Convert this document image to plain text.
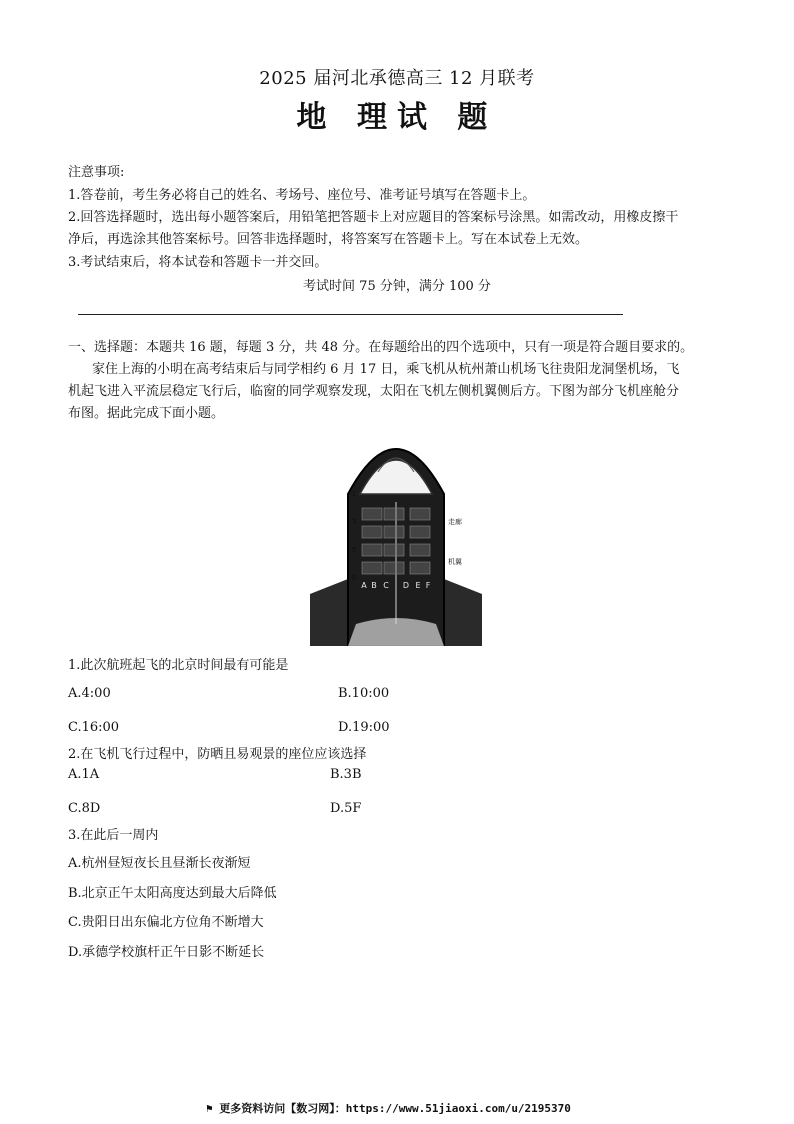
2025 届河北承德高三 12 月联考
地 理试 题
注意事项:
1.答卷前，考生务必将自己的姓名、考场号、座位号、准考证号填写在答题卡上。
2.回答选择题时，选出每小题答案后，用铅笔把答题卡上对应题目的答案标号涂黑。如需改动，用橡皮擦干
净后，再选涂其他答案标号。回答非选择题时，将答案写在答题卡上。写在本试卷上无效。
3.考试结束后，将本试卷和答题卡一并交回。
考试时间 75 分钟，满分 100 分
一、选择题：本题共 16 题，每题 3 分，共 48 分。在每题给出的四个选项中，只有一项是符合题目要求的。
家住上海的小明在高考结束后与同学相约 6 月 17 日，乘飞机从杭州萧山机场飞往贵阳龙洞堡机场，飞
机起飞进入平流层稳定飞行后，临窗的同学观察发现，太阳在飞机左侧机翼侧后方。下图为部分飞机座舱分
布图。据此完成下面小题。
A B C D E F
1
3
5
8
走廊
机翼
1.此次航班起飞的北京时间最有可能是
A.4:00	B.10:00
C.16:00	D.19:00
2.在飞机飞行过程中，防晒且易观景的座位应该选择
A.1A	B.3B
C.8D	D.5F
3.在此后一周内
A.杭州昼短夜长且昼渐长夜渐短
B.北京正午太阳高度达到最大后降低
C.贵阳日出东偏北方位角不断增大
D.承德学校旗杆正午日影不断延长
⚑ 更多资料访问【数习网】：https://www.51jiaoxi.com/u/2195370
